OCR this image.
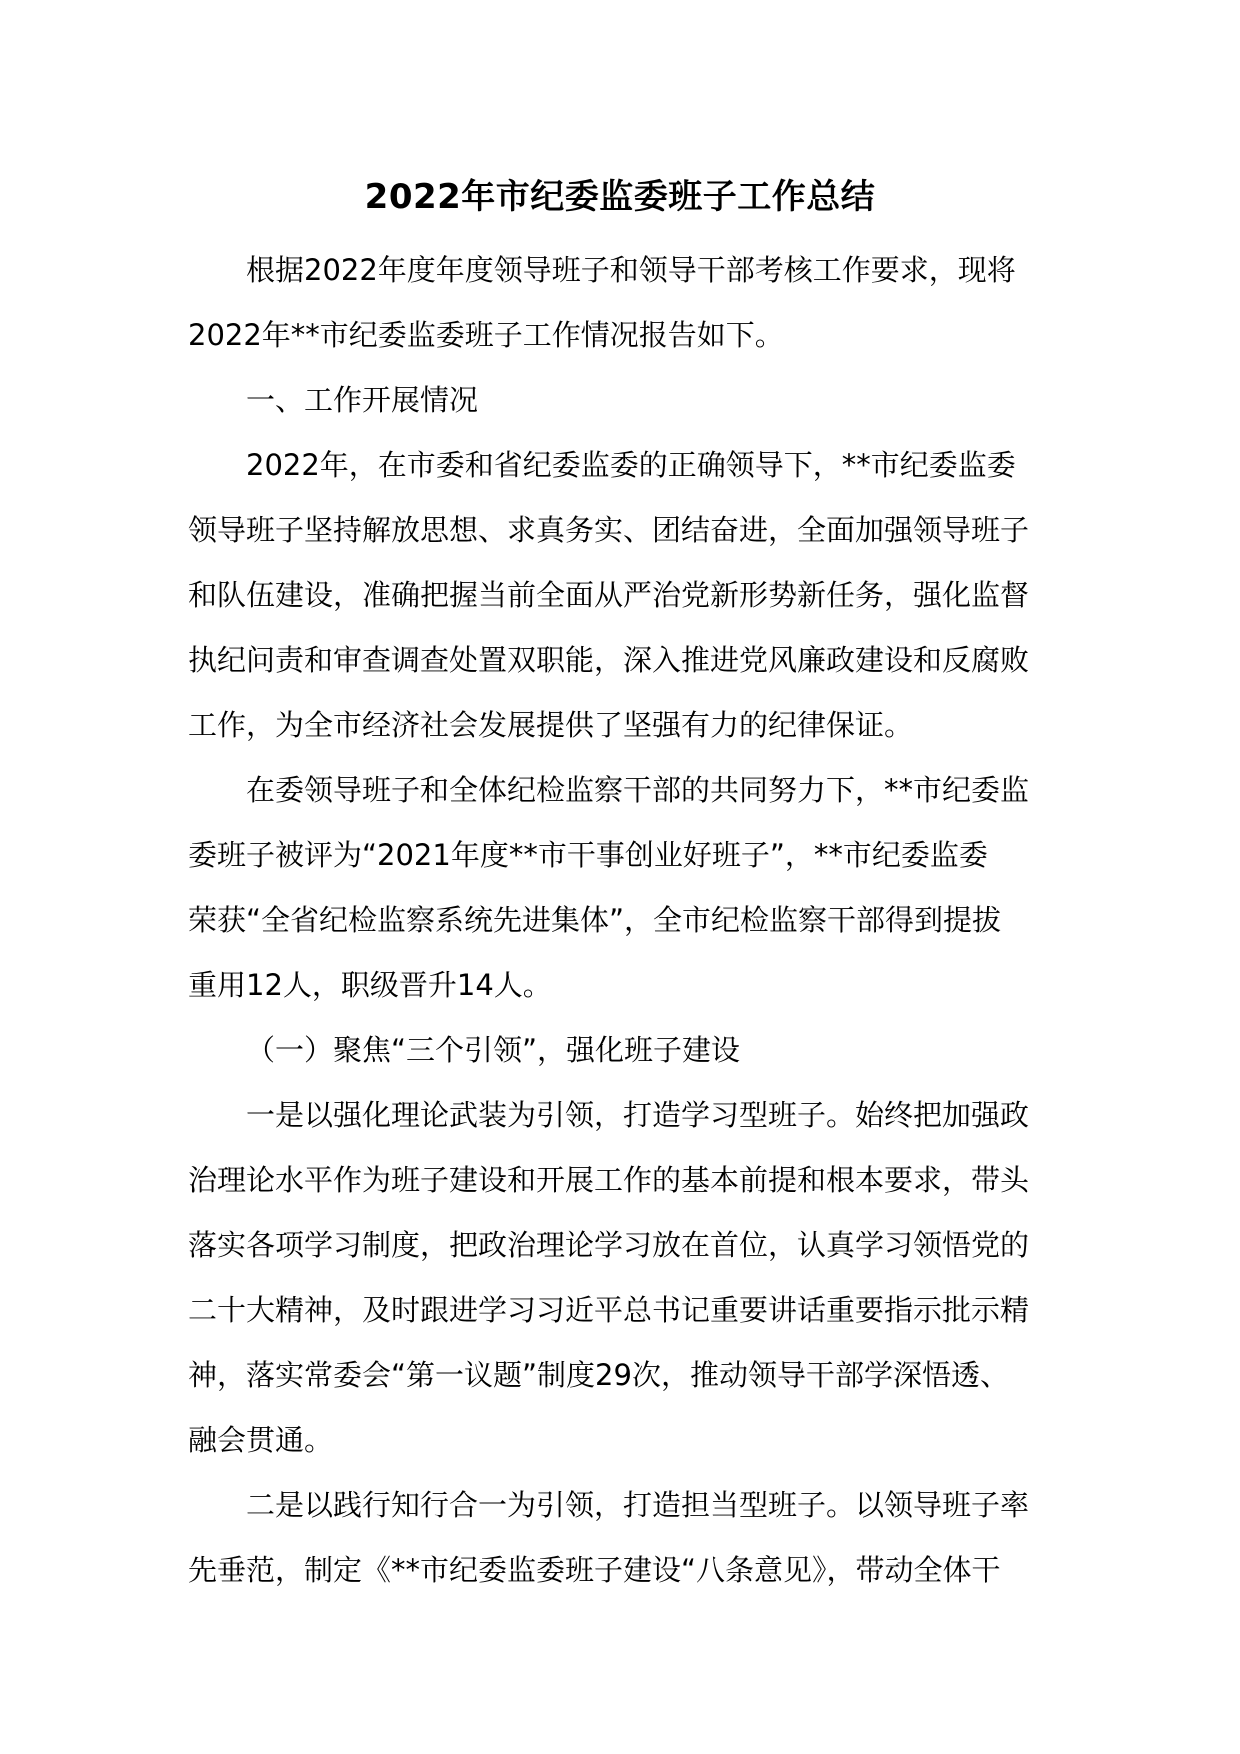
2022年市纪委监委班子工作总结
根据2022年度年度领导班子和领导干部考核工作要求，现将
2022年**市纪委监委班子工作情况报告如下。
一、工作开展情况
2022年，在市委和省纪委监委的正确领导下，**市纪委监委
领导班子坚持解放思想、求真务实、团结奋进，全面加强领导班子
和队伍建设，准确把握当前全面从严治党新形势新任务，强化监督
执纪问责和审查调查处置双职能，深入推进党风廉政建设和反腐败
工作，为全市经济社会发展提供了坚强有力的纪律保证。
在委领导班子和全体纪检监察干部的共同努力下，**市纪委监
委班子被评为“2021年度**市干事创业好班子”，**市纪委监委
荣获“全省纪检监察系统先进集体”，全市纪检监察干部得到提拔
重用12人，职级晋升14人。
（一）聚焦“三个引领”，强化班子建设
一是以强化理论武装为引领，打造学习型班子。始终把加强政
治理论水平作为班子建设和开展工作的基本前提和根本要求，带头
落实各项学习制度，把政治理论学习放在首位，认真学习领悟党的
二十大精神，及时跟进学习习近平总书记重要讲话重要指示批示精
神，落实常委会“第一议题”制度29次，推动领导干部学深悟透、
融会贯通。
二是以践行知行合一为引领，打造担当型班子。以领导班子率
先垂范，制定《**市纪委监委班子建设“八条意见》，带动全体干
